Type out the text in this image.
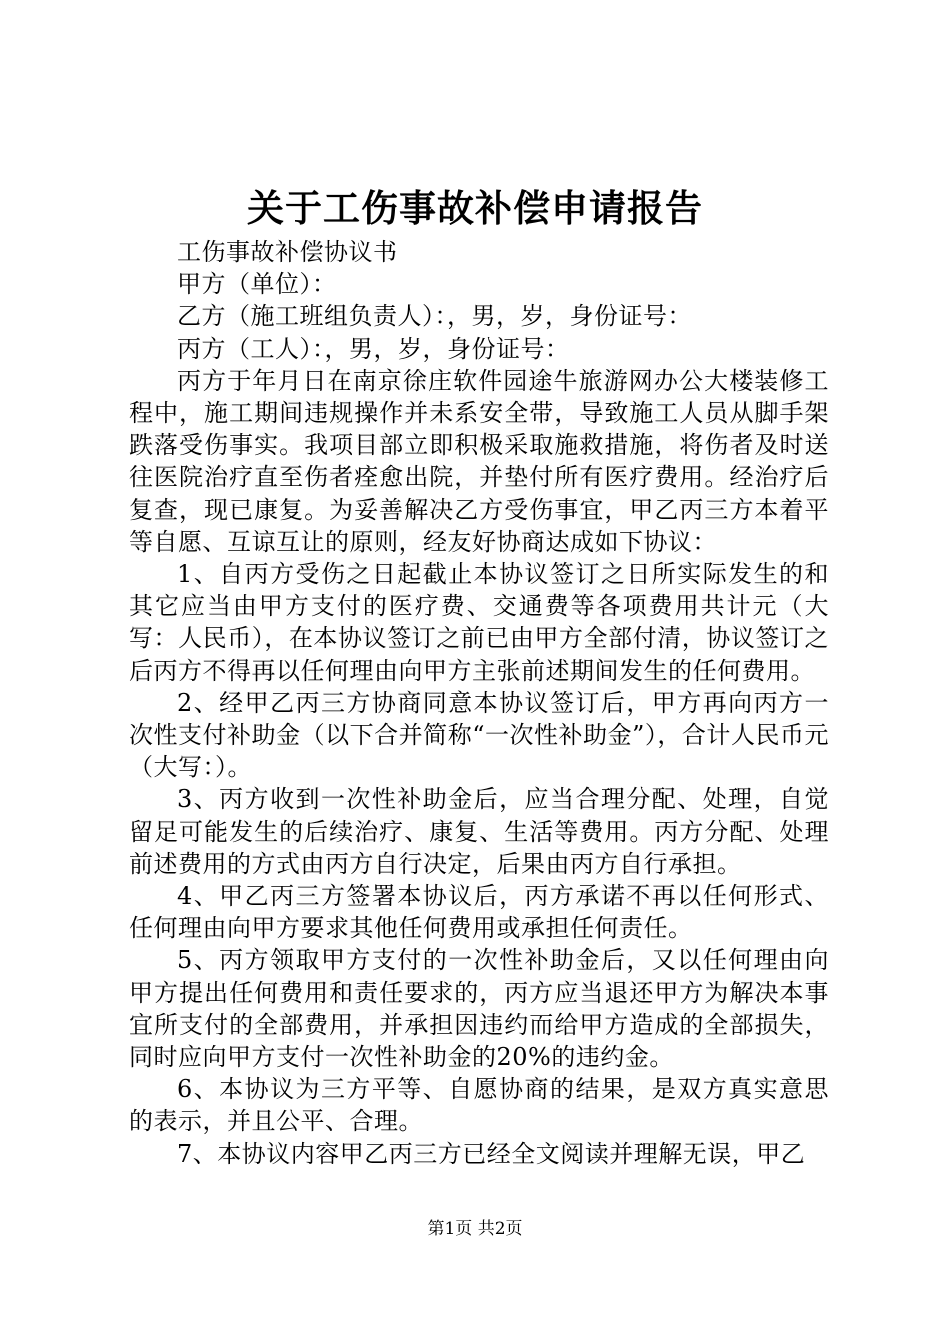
关于工伤事故补偿申请报告

工伤事故补偿协议书

甲方（单位）：

乙方（施工班组负责人）：，男，岁，身份证号：

丙方（工人）：，男，岁，身份证号：

丙方于年月日在南京徐庄软件园途牛旅游网办公大楼装修工程中，施工期间违规操作并未系安全带，导致施工人员从脚手架跌落受伤事实。我项目部立即积极采取施救措施，将伤者及时送往医院治疗直至伤者痊愈出院，并垫付所有医疗费用。经治疗后复查，现已康复。为妥善解决乙方受伤事宜，甲乙丙三方本着平等自愿、互谅互让的原则，经友好协商达成如下协议：

1、自丙方受伤之日起截止本协议签订之日所实际发生的和其它应当由甲方支付的医疗费、交通费等各项费用共计元（大写：人民币），在本协议签订之前已由甲方全部付清，协议签订之后丙方不得再以任何理由向甲方主张前述期间发生的任何费用。

2、经甲乙丙三方协商同意本协议签订后，甲方再向丙方一次性支付补助金（以下合并简称“一次性补助金”），合计人民币元（大写：）。

3、丙方收到一次性补助金后，应当合理分配、处理，自觉留足可能发生的后续治疗、康复、生活等费用。丙方分配、处理前述费用的方式由丙方自行决定，后果由丙方自行承担。

4、甲乙丙三方签署本协议后，丙方承诺不再以任何形式、任何理由向甲方要求其他任何费用或承担任何责任。

5、丙方领取甲方支付的一次性补助金后，又以任何理由向甲方提出任何费用和责任要求的，丙方应当退还甲方为解决本事宜所支付的全部费用，并承担因违约而给甲方造成的全部损失，同时应向甲方支付一次性补助金的20%的违约金。

6、本协议为三方平等、自愿协商的结果，是双方真实意思的表示，并且公平、合理。

7、本协议内容甲乙丙三方已经全文阅读并理解无误，甲乙

第1页 共2页
